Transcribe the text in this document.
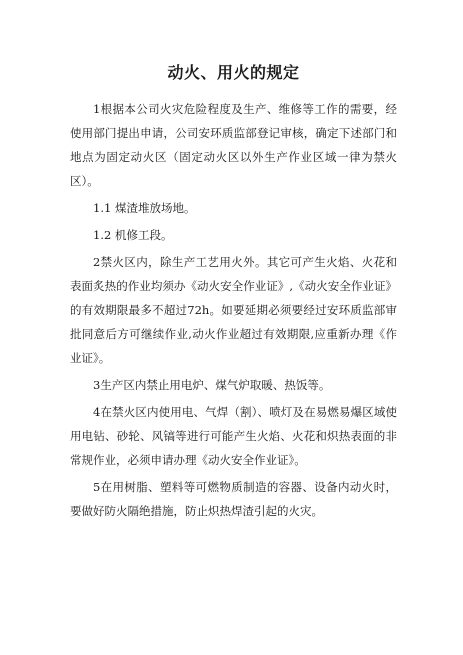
动火、用火的规定

1根据本公司火灾危险程度及生产、维修等工作的需要，经使用部门提出申请，公司安环质监部登记审核，确定下述部门和地点为固定动火区（固定动火区以外生产作业区域一律为禁火区）。

1.1 煤渣堆放场地。

1.2 机修工段。

2禁火区内，除生产工艺用火外。其它可产生火焰、火花和表面炙热的作业均须办《动火安全作业证》,《动火安全作业证》的有效期限最多不超过72h。如要延期必须要经过安环质监部审批同意后方可继续作业,动火作业超过有效期限,应重新办理《作业证》。

3生产区内禁止用电炉、煤气炉取暖、热饭等。

4在禁火区内使用电、气焊（割）、喷灯及在易燃易爆区域使用电钻、砂轮、风镐等进行可能产生火焰、火花和炽热表面的非常规作业，必须申请办理《动火安全作业证》。

5在用树脂、塑料等可燃物质制造的容器、设备内动火时，要做好防火隔绝措施，防止炽热焊渣引起的火灾。
